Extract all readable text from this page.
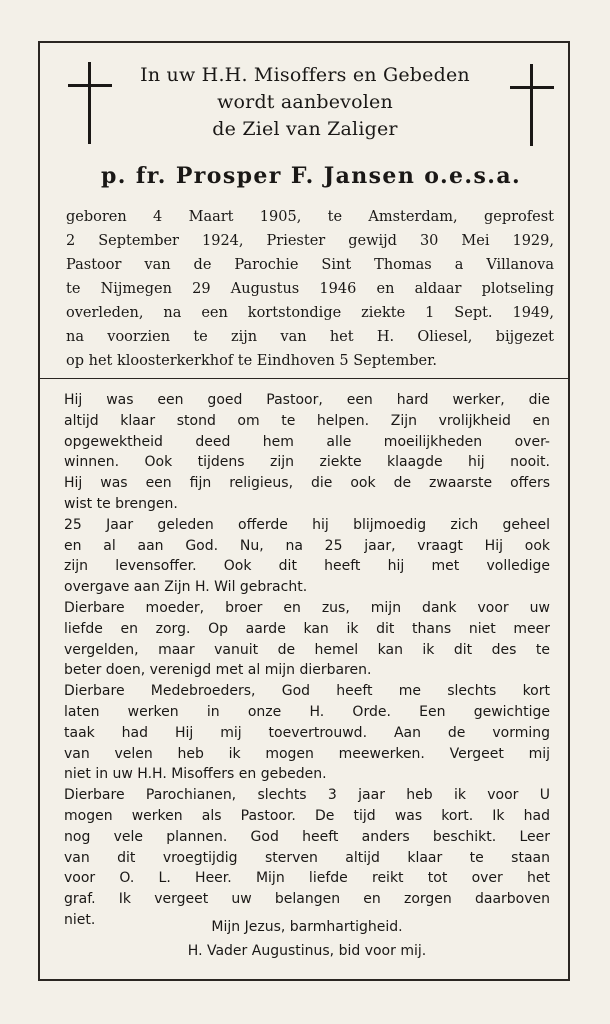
In uw H.H. Misoffers en Gebeden
wordt aanbevolen
de Ziel van Zaliger
p. fr. Prosper F. Jansen o.e.s.a.
geboren 4 Maart 1905, te Amsterdam, geprofest
2 September 1924, Priester gewijd 30 Mei 1929,
Pastoor van de Parochie Sint Thomas a Villanova
te Nijmegen 29 Augustus 1946 en aldaar plotseling
overleden, na een kortstondige ziekte 1 Sept. 1949,
na voorzien te zijn van het H. Oliesel, bijgezet
op het kloosterkerkhof te Eindhoven 5 September.
Hij was een goed Pastoor, een hard werker, die
altijd klaar stond om te helpen. Zijn vrolijkheid en
opgewektheid deed hem alle moeilijkheden over-
winnen. Ook tijdens zijn ziekte klaagde hij nooit.
Hij was een fijn religieus, die ook de zwaarste offers
wist te brengen.
25 Jaar geleden offerde hij blijmoedig zich geheel
en al aan God. Nu, na 25 jaar, vraagt Hij ook
zijn levensoffer. Ook dit heeft hij met volledige
overgave aan Zijn H. Wil gebracht.
Dierbare moeder, broer en zus, mijn dank voor uw
liefde en zorg. Op aarde kan ik dit thans niet meer
vergelden, maar vanuit de hemel kan ik dit des te
beter doen, verenigd met al mijn dierbaren.
Dierbare Medebroeders, God heeft me slechts kort
laten werken in onze H. Orde. Een gewichtige
taak had Hij mij toevertrouwd. Aan de vorming
van velen heb ik mogen meewerken. Vergeet mij
niet in uw H.H. Misoffers en gebeden.
Dierbare Parochianen, slechts 3 jaar heb ik voor U
mogen werken als Pastoor. De tijd was kort. Ik had
nog vele plannen. God heeft anders beschikt. Leer
van dit vroegtijdig sterven altijd klaar te staan
voor O. L. Heer. Mijn liefde reikt tot over het
graf. Ik vergeet uw belangen en zorgen daarboven
niet.	Mijn Jezus, barmhartigheid.
H. Vader Augustinus, bid voor mij.
